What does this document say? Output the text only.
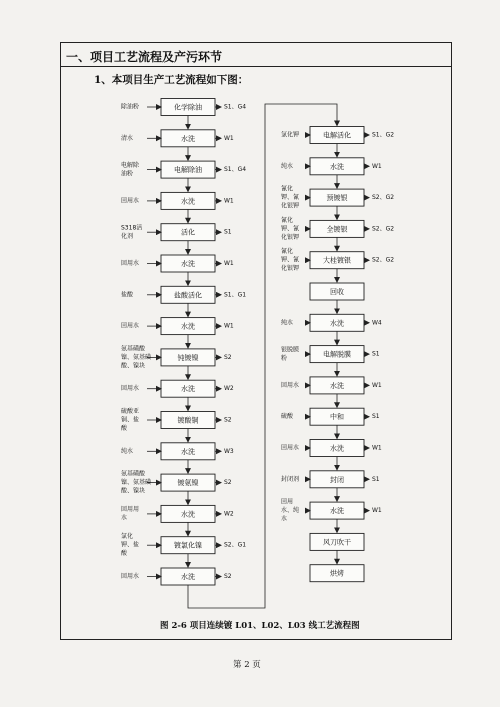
一、项目工艺流程及产污环节
1、本项目生产工艺流程如下图：
化学除油
除油粉	S1、G4
水洗
清水	W1
电解除油
电解除
油粉
S1、G4
水洗
回用水	W1
活化
S318活
化剂
S1
水洗
回用水	W1
盐酸活化
盐酸	S1、G1
水洗
回用水	W1
钝镀镍
氨基磺酸
镍、氨基磺
酸、镍块
S2
水洗
回用水	W2
镀酸铜
硫酸亚
铜、盐
酸
S2
水洗
纯水	W3
镀氨镍
氨基磺酸
镍、氨基磺
酸、镍块
S2
水洗
回用用
水
W2
镀氯化镍
氯化
钾、盐
酸
S2、G1
水洗
回用水	S2
电解活化
氯化钾	S1、G2
水洗
纯水	W1
预镀银
氰化
钾、氰
化银钾
S2、G2
全镀银
氰化
钾、氰
化银钾
S2、G2
大桂镀银
氰化
钾、氰
化银钾
S2、G2
回收
水洗
纯水	W4
电解脱膜
银脱膜
粉
S1
水洗
回用水	W1
中和
硫酸	S1
水洗
回用水	W1
封闭
封闭剂	S1
水洗
回用
水、纯
水
W1
风刀吹干
烘烤
图 2-6 项目连续镀 L01、L02、L03 线工艺流程图
第 2 页
